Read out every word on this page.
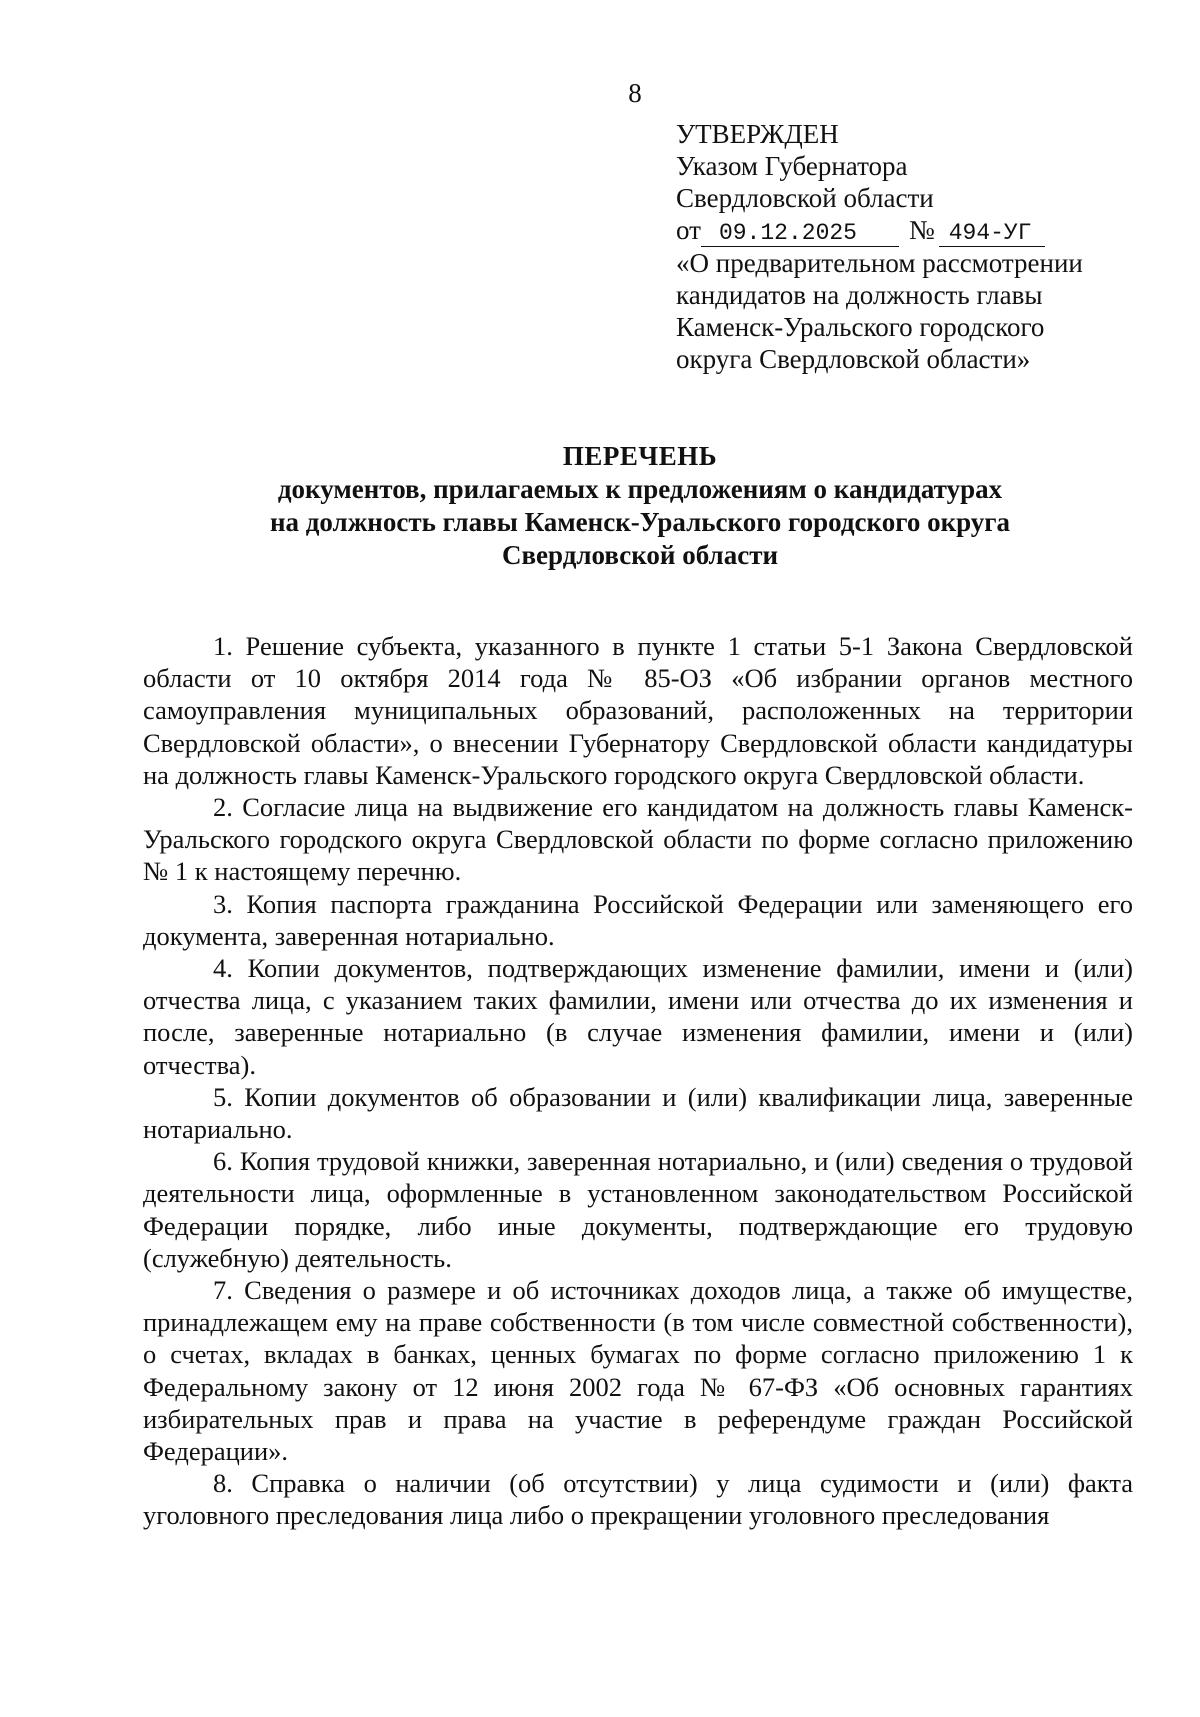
8
УТВЕРЖДЕН
Указом Губернатора
Свердловской области
от 09.12.2025 № 494-УГ
«О предварительном рассмотрении
кандидатов на должность главы
Каменск-Уральского городского
округа Свердловской области»
ПЕРЕЧЕНЬ
документов, прилагаемых к предложениям о кандидатурах
на должность главы Каменск-Уральского городского округа
Свердловской области

1. Решение субъекта, указанного в пункте 1 статьи 5-1 Закона Свердловской области от 10 октября 2014 года № 85-ОЗ «Об избрании органов местного самоуправления муниципальных образований, расположенных на территории Свердловской области», о внесении Губернатору Свердловской области кандидатуры на должность главы Каменск-Уральского городского округа Свердловской области.

2. Согласие лица на выдвижение его кандидатом на должность главы Каменск-Уральского городского округа Свердловской области по форме согласно приложению № 1 к настоящему перечню.

3. Копия паспорта гражданина Российской Федерации или заменяющего его документа, заверенная нотариально.

4. Копии документов, подтверждающих изменение фамилии, имени и (или) отчества лица, с указанием таких фамилии, имени или отчества до их изменения и после, заверенные нотариально (в случае изменения фамилии, имени и (или) отчества).

5. Копии документов об образовании и (или) квалификации лица, заверенные нотариально.

6. Копия трудовой книжки, заверенная нотариально, и (или) сведения о трудовой деятельности лица, оформленные в установленном законодательством Российской Федерации порядке, либо иные документы, подтверждающие его трудовую (служебную) деятельность.

7. Сведения о размере и об источниках доходов лица, а также об имуществе, принадлежащем ему на праве собственности (в том числе совместной собственности), о счетах, вкладах в банках, ценных бумагах по форме согласно приложению 1 к Федеральному закону от 12 июня 2002 года № 67-ФЗ «Об основных гарантиях избирательных прав и права на участие в референдуме граждан Российской Федерации».

8. Справка о наличии (об отсутствии) у лица судимости и (или) факта уголовного преследования лица либо о прекращении уголовного преследования
